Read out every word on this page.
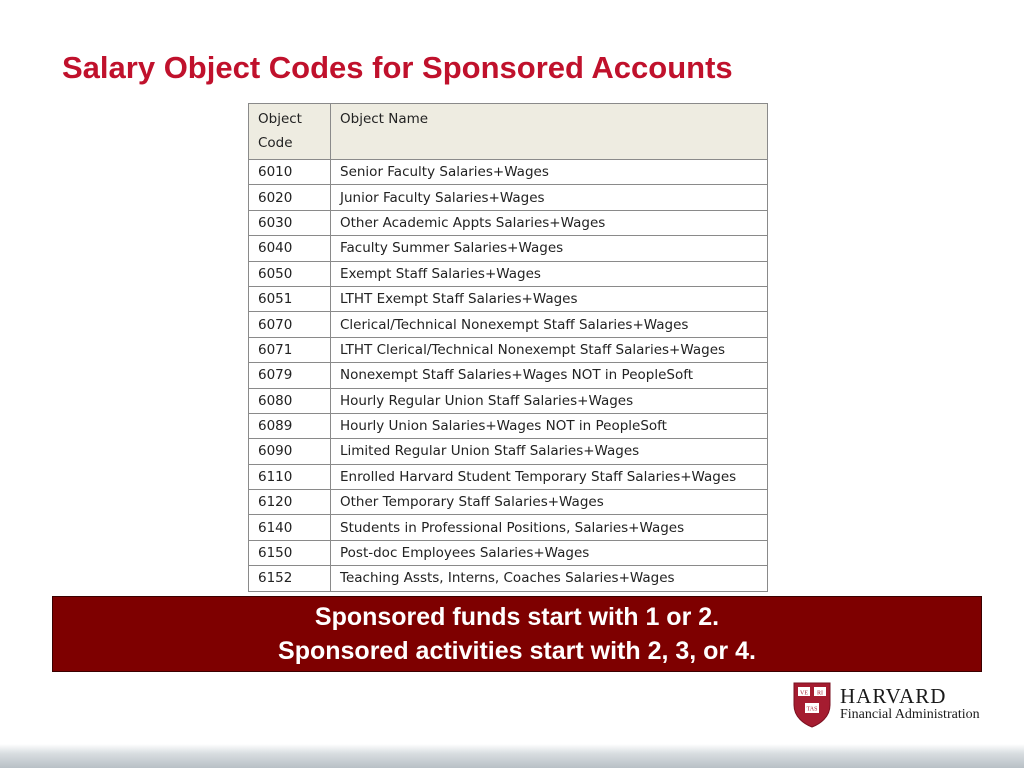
Salary Object Codes for Sponsored Accounts
Object
Code	Object Name
6010	Senior Faculty Salaries+Wages
6020	Junior Faculty Salaries+Wages
6030	Other Academic Appts Salaries+Wages
6040	Faculty Summer Salaries+Wages
6050	Exempt Staff Salaries+Wages
6051	LTHT Exempt Staff Salaries+Wages
6070	Clerical/Technical Nonexempt Staff Salaries+Wages
6071	LTHT Clerical/Technical Nonexempt Staff Salaries+Wages
6079	Nonexempt Staff Salaries+Wages NOT in PeopleSoft
6080	Hourly Regular Union Staff Salaries+Wages
6089	Hourly Union Salaries+Wages NOT in PeopleSoft
6090	Limited Regular Union Staff Salaries+Wages
6110	Enrolled Harvard Student Temporary Staff Salaries+Wages
6120	Other Temporary Staff Salaries+Wages
6140	Students in Professional Positions, Salaries+Wages
6150	Post-doc Employees Salaries+Wages
6152	Teaching Assts, Interns, Coaches Salaries+Wages
Sponsored funds start with 1 or 2.
Sponsored activities start with 2, 3, or 4.
VE RI
TAS
HARVARD
Financial Administration
